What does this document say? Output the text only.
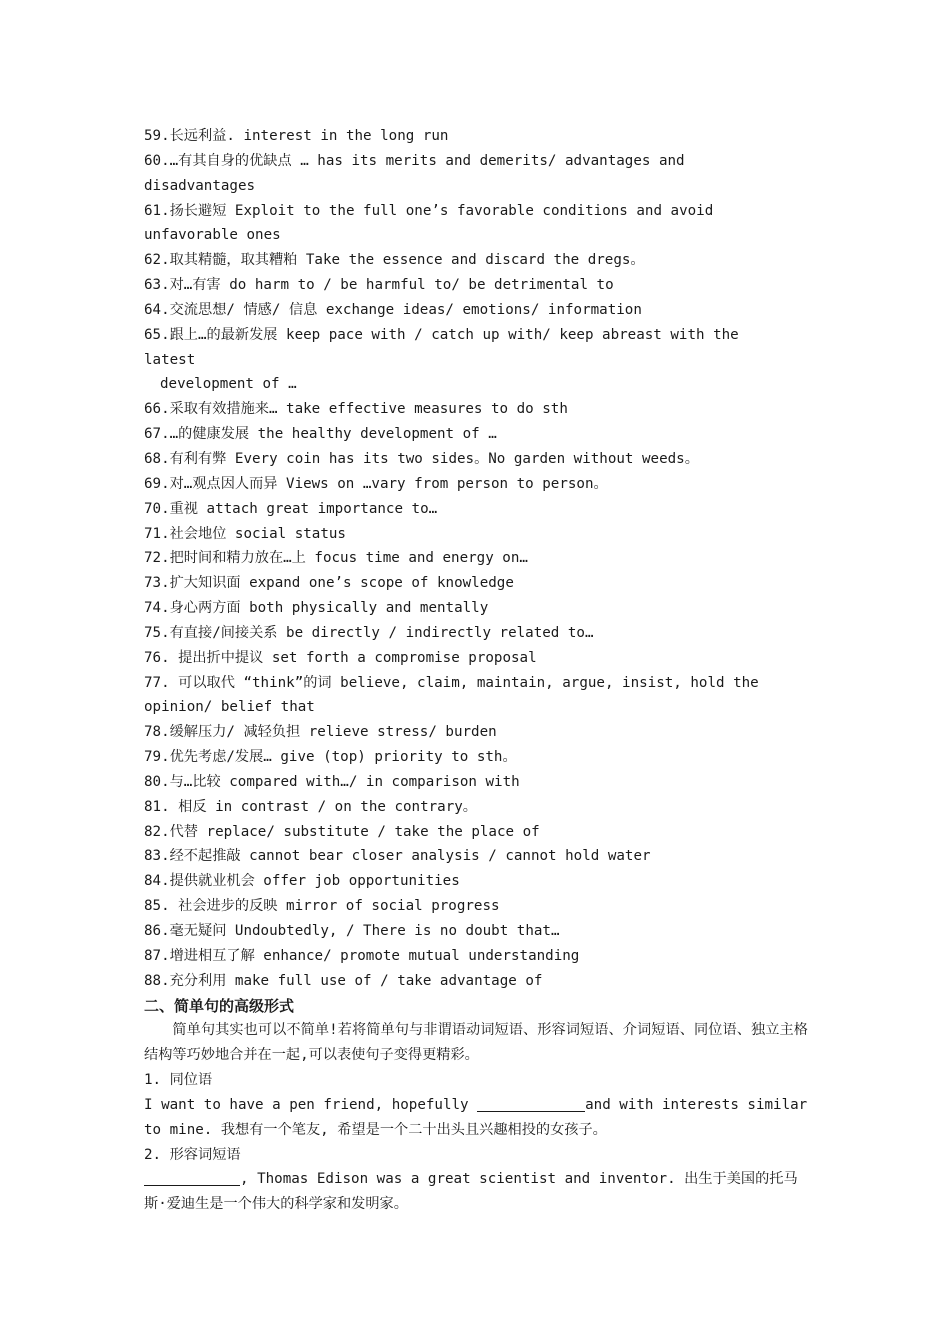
59.长远利益. interest in the long run
60.…有其自身的优缺点 … has its merits and demerits/ advantages and
disadvantages
61.扬长避短 Exploit to the full one’s favorable conditions and avoid
unfavorable ones
62.取其精髓，取其糟粕 Take the essence and discard the dregs。
63.对…有害 do harm to / be harmful to/ be detrimental to
64.交流思想/ 情感/ 信息 exchange ideas/ emotions/ information
65.跟上…的最新发展 keep pace with / catch up with/ keep abreast with the
latest
development of …
66.采取有效措施来… take effective measures to do sth
67.…的健康发展 the healthy development of …
68.有利有弊 Every coin has its two sides。No garden without weeds。
69.对…观点因人而异 Views on …vary from person to person。
70.重视 attach great importance to…
71.社会地位 social status
72.把时间和精力放在…上 focus time and energy on…
73.扩大知识面 expand one’s scope of knowledge
74.身心两方面 both physically and mentally
75.有直接/间接关系 be directly / indirectly related to…
76. 提出折中提议 set forth a compromise proposal
77. 可以取代 “think”的词 believe, claim, maintain, argue, insist, hold the
opinion/ belief that
78.缓解压力/ 减轻负担 relieve stress/ burden
79.优先考虑/发展… give (top) priority to sth。
80.与…比较 compared with…/ in comparison with
81. 相反 in contrast / on the contrary。
82.代替 replace/ substitute / take the place of
83.经不起推敲 cannot bear closer analysis / cannot hold water
84.提供就业机会 offer job opportunities
85. 社会进步的反映 mirror of social progress
86.毫无疑问 Undoubtedly, / There is no doubt that…
87.增进相互了解 enhance/ promote mutual understanding
88.充分利用 make full use of / take advantage of
二、简单句的高级形式
简单句其实也可以不简单!若将简单句与非谓语动词短语、形容词短语、介词短语、同位语、独立主格结构等巧妙地合并在一起,可以表使句子变得更精彩。
1. 同位语
I want to have a pen friend, hopefully	and with interests similar to mine. 我想有一个笔友, 希望是一个二十出头且兴趣相投的女孩子。
2. 形容词短语
, Thomas Edison was a great scientist and inventor. 出生于美国的托马斯·爱迪生是一个伟大的科学家和发明家。
